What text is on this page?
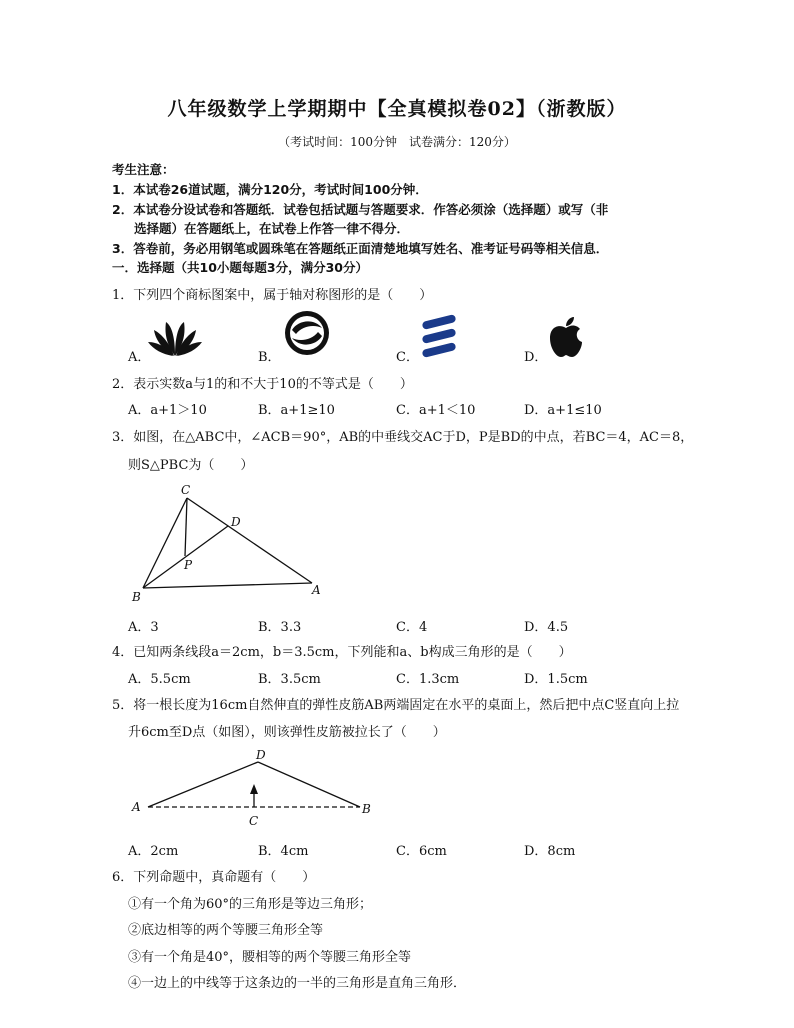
八年级数学上学期期中【全真模拟卷02】（浙教版）
（考试时间：100分钟　试卷满分：120分）
考生注意：
1．本试卷26道试题，满分120分，考试时间100分钟．
2．本试卷分设试卷和答题纸．试卷包括试题与答题要求．作答必须涂（选择题）或写（非
选择题）在答题纸上，在试卷上作答一律不得分．
3．答卷前，务必用钢笔或圆珠笔在答题纸正面清楚地填写姓名、准考证号码等相关信息．
一．选择题（共10小题每题3分，满分30分）
1．下列四个商标图案中，属于轴对称图形的是（　　）
A．	B．	C．	D．
2．表示实数a与1的和不大于10的不等式是（　　）
A．a+1＞10	B．a+1≥10	C．a+1＜10	D．a+1≤10
3．如图，在△ABC中，∠ACB＝90°，AB的中垂线交AC于D，P是BD的中点，若BC＝4，AC＝8，
则S△PBC为（　　）
C
D
P
B	A
A．3	B．3.3	C．4	D．4.5
4．已知两条线段a＝2cm，b＝3.5cm，下列能和a、b构成三角形的是（　　）
A．5.5cm	B．3.5cm	C．1.3cm	D．1.5cm
5．将一根长度为16cm自然伸直的弹性皮筋AB两端固定在水平的桌面上，然后把中点C竖直向上拉
升6cm至D点（如图），则该弹性皮筋被拉长了（　　）
D
A	B
C
A．2cm	B．4cm	C．6cm	D．8cm
6．下列命题中，真命题有（　　）
①有一个角为60°的三角形是等边三角形；
②底边相等的两个等腰三角形全等
③有一个角是40°，腰相等的两个等腰三角形全等
④一边上的中线等于这条边的一半的三角形是直角三角形．
